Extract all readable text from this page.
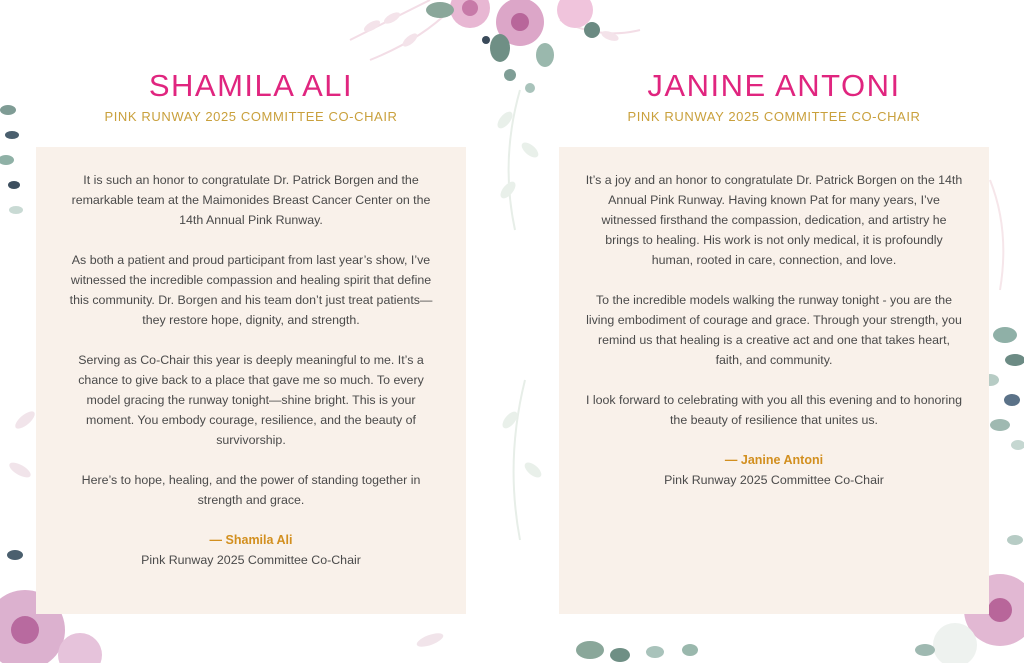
SHAMILA ALI
PINK RUNWAY 2025 COMMITTEE CO-CHAIR

It is such an honor to congratulate Dr. Patrick Borgen and the remarkable team at the Maimonides Breast Cancer Center on the 14th Annual Pink Runway.

As both a patient and proud participant from last year’s show, I’ve witnessed the incredible compassion and healing spirit that define this community. Dr. Borgen and his team don’t just treat patients—they restore hope, dignity, and strength.

Serving as Co-Chair this year is deeply meaningful to me. It’s a chance to give back to a place that gave me so much. To every model gracing the runway tonight—shine bright. This is your moment. You embody courage, resilience, and the beauty of survivorship.

Here’s to hope, healing, and the power of standing together in strength and grace.

— Shamila Ali

Pink Runway 2025 Committee Co-Chair

JANINE ANTONI
PINK RUNWAY 2025 COMMITTEE CO-CHAIR

It’s a joy and an honor to congratulate Dr. Patrick Borgen on the 14th Annual Pink Runway. Having known Pat for many years, I’ve witnessed firsthand the compassion, dedication, and artistry he brings to healing. His work is not only medical, it is profoundly human, rooted in care, connection, and love.

To the incredible models walking the runway tonight - you are the living embodiment of courage and grace. Through your strength, you remind us that healing is a creative act and one that takes heart, faith, and community.

I look forward to celebrating with you all this evening and to honoring the beauty of resilience that unites us.

— Janine Antoni

Pink Runway 2025 Committee Co-Chair
